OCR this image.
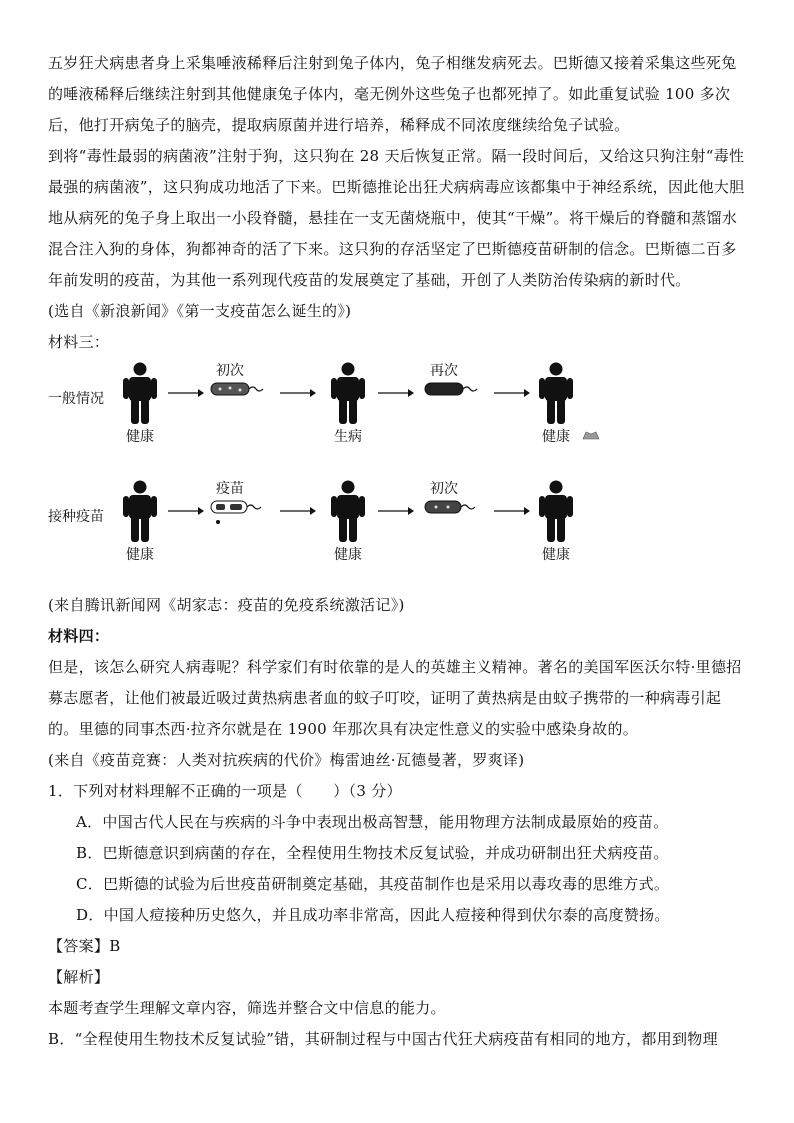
五岁狂犬病患者身上采集唾液稀释后注射到兔子体内，兔子相继发病死去。巴斯德又接着采集这些死兔的唾液稀释后继续注射到其他健康兔子体内，毫无例外这些兔子也都死掉了。如此重复试验 100 多次后，他打开病兔子的脑壳，提取病原菌并进行培养，稀释成不同浓度继续给兔子试验。

到将“毒性最弱的病菌液”注射于狗，这只狗在 28 天后恢复正常。隔一段时间后，又给这只狗注射“毒性最强的病菌液”，这只狗成功地活了下来。巴斯德推论出狂犬病病毒应该都集中于神经系统，因此他大胆地从病死的兔子身上取出一小段脊髓，悬挂在一支无菌烧瓶中，使其“干燥”。将干燥后的脊髓和蒸馏水混合注入狗的身体，狗都神奇的活了下来。这只狗的存活坚定了巴斯德疫苗研制的信念。巴斯德二百多年前发明的疫苗，为其他一系列现代疫苗的发展奠定了基础，开创了人类防治传染病的新时代。

(选自《新浪新闻》《第一支疫苗怎么诞生的》)

材料三：

一般情况
健康
初次
生病
再次
健康
接种疫苗
健康
疫苗
健康
初次
健康

(来自腾讯新闻网《胡家志：疫苗的免疫系统激活记》)

材料四：

但是，该怎么研究人病毒呢？科学家们有时依靠的是人的英雄主义精神。著名的美国军医沃尔特·里德招募志愿者，让他们被最近吸过黄热病患者血的蚊子叮咬，证明了黄热病是由蚊子携带的一种病毒引起的。里德的同事杰西·拉齐尔就是在 1900 年那次具有决定性意义的实验中感染身故的。

(来自《疫苗竞赛：人类对抗疾病的代价》梅雷迪丝·瓦德曼著，罗爽译)

1．下列对材料理解不正确的一项是（　　）（3 分）

A．中国古代人民在与疾病的斗争中表现出极高智慧，能用物理方法制成最原始的疫苗。

B．巴斯德意识到病菌的存在，全程使用生物技术反复试验，并成功研制出狂犬病疫苗。

C．巴斯德的试验为后世疫苗研制奠定基础，其疫苗制作也是采用以毒攻毒的思维方式。

D．中国人痘接种历史悠久，并且成功率非常高，因此人痘接种得到伏尔泰的高度赞扬。

【答案】B

【解析】

本题考查学生理解文章内容，筛选并整合文中信息的能力。

B．“全程使用生物技术反复试验”错，其研制过程与中国古代狂犬病疫苗有相同的地方，都用到物理
